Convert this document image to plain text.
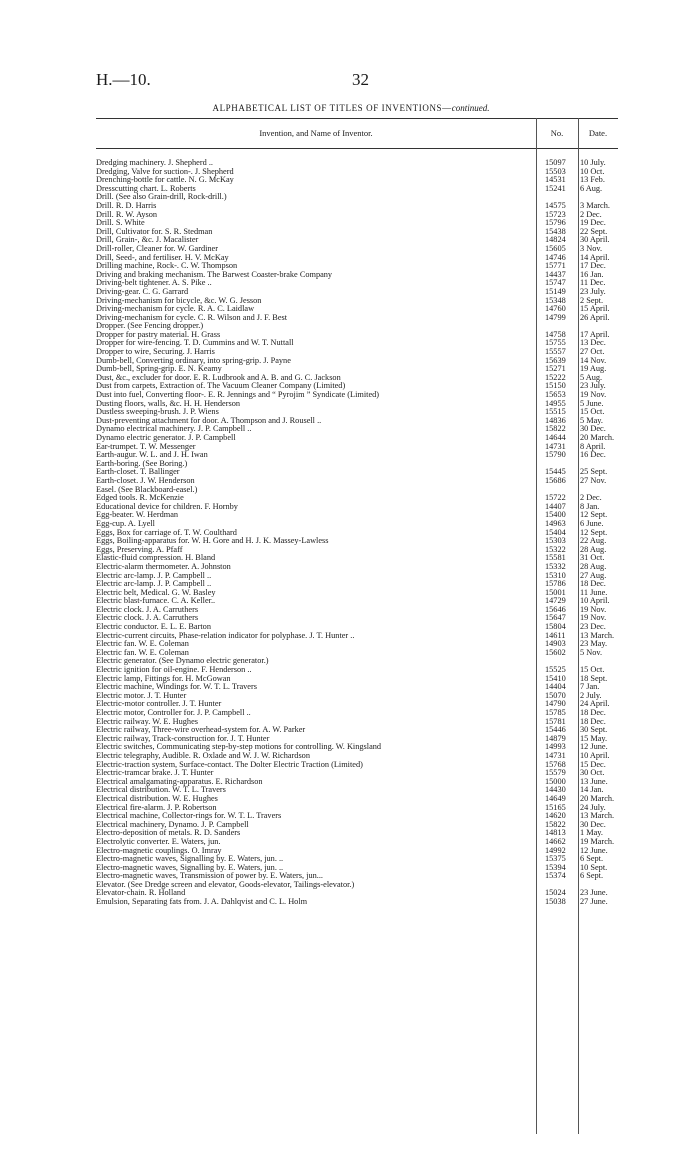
H.—10.	32
ALPHABETICAL LIST OF TITLES OF INVENTIONS—continued.
Invention, and Name of Inventor.	No.	Date.
Dredging machinery. J. Shepherd ..	15097	10 July.
Dredging, Valve for suction-. J. Shepherd	15503	10 Oct.
Drenching-bottle for cattle. N. G. McKay	14531	13 Feb.
Dresscutting chart. L. Roberts	15241	6 Aug.
Drill. (See also Grain-drill, Rock-drill.)
Drill. R. D. Harris	14575	3 March.
Drill. R. W. Ayson	15723	2 Dec.
Drill. S. White	15796	19 Dec.
Drill, Cultivator for. S. R. Stedman	15438	22 Sept.
Drill, Grain-, &c. J. Macalister	14824	30 April.
Drill-roller, Cleaner for. W. Gardiner	15605	3 Nov.
Drill, Seed-, and fertiliser. H. V. McKay	14746	14 April.
Drilling machine, Rock-. C. W. Thompson	15771	17 Dec.
Driving and braking mechanism. The Barwest Coaster-brake Company	14437	16 Jan.
Driving-belt tightener. A. S. Pike ..	15747	11 Dec.
Driving-gear. C. G. Garrard	15149	23 July.
Driving-mechanism for bicycle, &c. W. G. Jesson	15348	2 Sept.
Driving-mechanism for cycle. R. A. C. Laidlaw	14760	15 April.
Driving-mechanism for cycle. C. R. Wilson and J. F. Best	14799	26 April.
Dropper. (See Fencing dropper.)
Dropper for pastry material. H. Grass	14758	17 April.
Dropper for wire-fencing. T. D. Cummins and W. T. Nuttall	15755	13 Dec.
Dropper to wire, Securing. J. Harris	15557	27 Oct.
Dumb-bell, Converting ordinary, into spring-grip. J. Payne	15639	14 Nov.
Dumb-bell, Spring-grip. E. N. Keamy	15271	19 Aug.
Dust, &c., excluder for door. E. R. Ludbrook and A. B. and G. C. Jackson	15222	5 Aug.
Dust from carpets, Extraction of. The Vacuum Cleaner Company (Limited)	15150	23 July.
Dust into fuel, Converting floor-. E. R. Jennings and “ Pyrojim ” Syndicate (Limited)	15653	19 Nov.
Dusting floors, walls, &c. H. H. Henderson	14955	5 June.
Dustless sweeping-brush. J. P. Wiens	15515	15 Oct.
Dust-preventing attachment for door. A. Thompson and J. Rousell ..	14836	5 May.
Dynamo electrical machinery. J. P. Campbell ..	15822	30 Dec.
Dynamo electric generator. J. P. Campbell	14644	20 March.
Ear-trumpet. T. W. Messenger	14731	8 April.
Earth-augur. W. L. and J. H. Iwan	15790	16 Dec.
Earth-boring. (See Boring.)
Earth-closet. T. Ballinger	15445	25 Sept.
Earth-closet. J. W. Henderson	15686	27 Nov.
Easel. (See Blackboard-easel.)
Edged tools. R. McKenzie	15722	2 Dec.
Educational device for children. F. Hornby	14407	8 Jan.
Egg-beater. W. Herdman	15400	12 Sept.
Egg-cup. A. Lyell	14963	6 June.
Eggs, Box for carriage of. T. W. Coulthard	15404	12 Sept.
Eggs, Boiling-apparatus for. W. H. Gore and H. J. K. Massey-Lawless	15303	22 Aug.
Eggs, Preserving. A. Pfaff	15322	28 Aug.
Elastic-fluid compression. H. Bland	15581	31 Oct.
Electric-alarm thermometer. A. Johnston	15332	28 Aug.
Electric arc-lamp. J. P. Campbell ..	15310	27 Aug.
Electric arc-lamp. J. P. Campbell ..	15786	18 Dec.
Electric belt, Medical. G. W. Basley	15001	11 June.
Electric blast-furnace. C. A. Keller..	14729	10 April.
Electric clock. J. A. Carruthers	15646	19 Nov.
Electric clock. J. A. Carruthers	15647	19 Nov.
Electric conductor. E. L. E. Barton	15804	23 Dec.
Electric-current circuits, Phase-relation indicator for polyphase. J. T. Hunter ..	14611	13 March.
Electric fan. W. E. Coleman	14903	23 May.
Electric fan. W. E. Coleman	15602	5 Nov.
Electric generator. (See Dynamo electric generator.)
Electric ignition for oil-engine. F. Henderson ..	15525	15 Oct.
Electric lamp, Fittings for. H. McGowan	15410	18 Sept.
Electric machine, Windings for. W. T. L. Travers	14404	7 Jan.
Electric motor. J. T. Hunter	15070	2 July.
Electric-motor controller. J. T. Hunter	14790	24 April.
Electric motor, Controller for. J. P. Campbell ..	15785	18 Dec.
Electric railway. W. E. Hughes	15781	18 Dec.
Electric railway, Three-wire overhead-system for. A. W. Parker	15446	30 Sept.
Electric railway, Track-construction for. J. T. Hunter	14879	15 May.
Electric switches, Communicating step-by-step motions for controlling. W. Kingsland	14993	12 June.
Electric telegraphy, Audible. R. Oxlade and W. J. W. Richardson	14731	10 April.
Electric-traction system, Surface-contact. The Dolter Electric Traction (Limited)	15768	15 Dec.
Electric-tramcar brake. J. T. Hunter	15579	30 Oct.
Electrical amalgamating-apparatus. E. Richardson	15000	13 June.
Electrical distribution. W. T. L. Travers	14430	14 Jan.
Electrical distribution. W. E. Hughes	14649	20 March.
Electrical fire-alarm. J. P. Robertson	15165	24 July.
Electrical machine, Collector-rings for. W. T. L. Travers	14620	13 March.
Electrical machinery, Dynamo. J. P. Campbell	15822	30 Dec.
Electro-deposition of metals. R. D. Sanders	14813	1 May.
Electrolytic converter. E. Waters, jun.	14662	19 March.
Electro-magnetic couplings. O. Imray	14992	12 June.
Electro-magnetic waves, Signalling by. E. Waters, jun. ..	15375	6 Sept.
Electro-magnetic waves, Signalling by. E. Waters, jun. ..	15394	10 Sept.
Electro-magnetic waves, Transmission of power by. E. Waters, jun...	15374	6 Sept.
Elevator. (See Dredge screen and elevator, Goods-elevator, Tailings-elevator.)
Elevator-chain. R. Holland	15024	23 June.
Emulsion, Separating fats from. J. A. Dahlqvist and C. L. Holm	15038	27 June.
